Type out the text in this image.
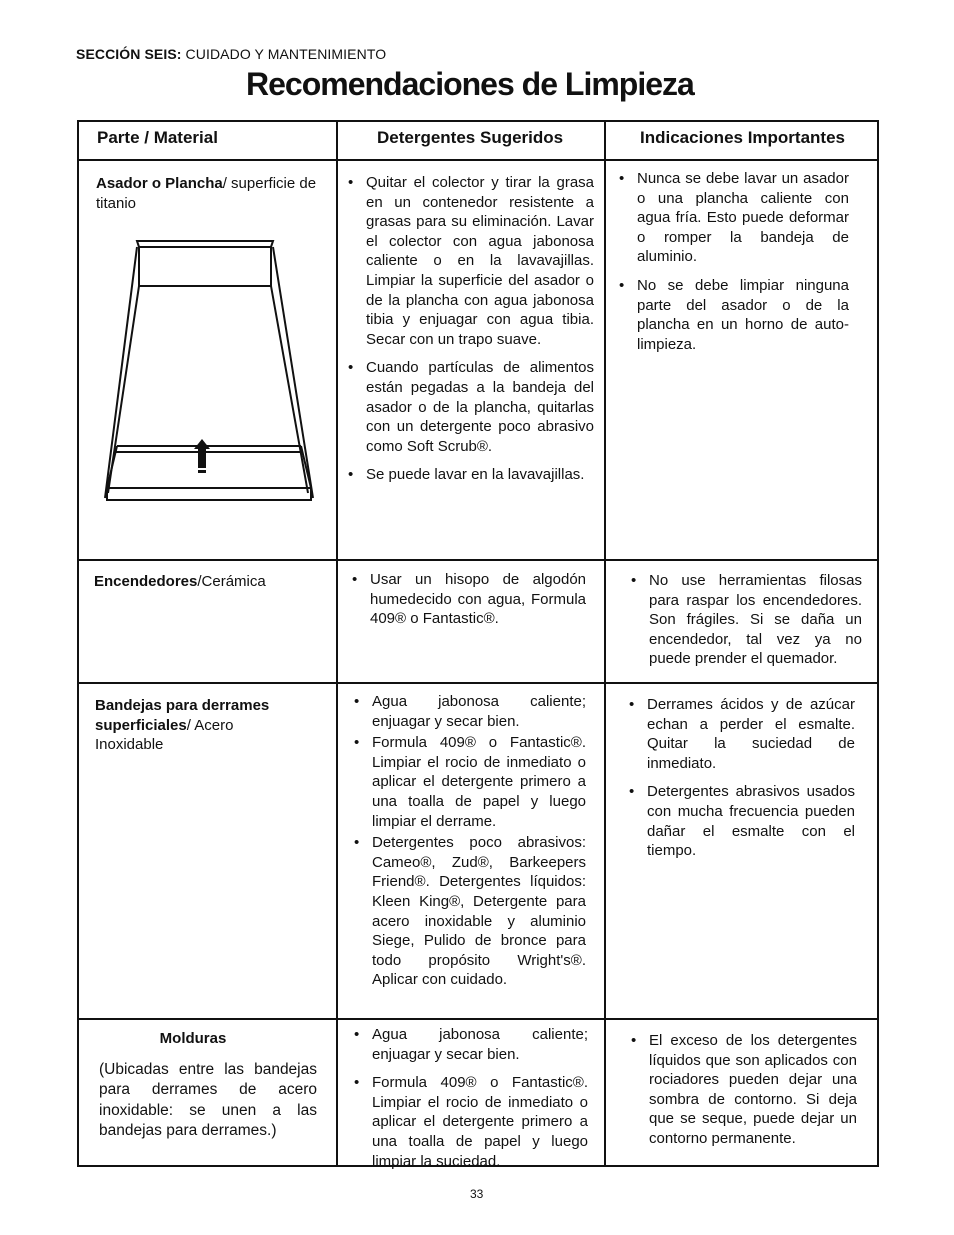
SECCIÓN SEIS: CUIDADO Y MANTENIMIENTO
Recomendaciones de Limpieza
Parte / Material	Detergentes Sugeridos	Indicaciones Importantes
Asador o Plancha/ superficie de titanio
• Quitar el colector y tirar la grasa en un contenedor resistente a grasas para su eliminación. Lavar el colector con agua jabonosa caliente o en la lavavajillas. Limpiar la superficie del asador o de la plancha con agua jabonosa tibia y enjuagar con agua tibia. Secar con un trapo suave.
• Cuando partículas de alimentos están pegadas a la bandeja del asador o de la plancha, quitarlas con un detergente poco abrasivo como Soft Scrub®.
• Se puede lavar en la lavavajillas.
• Nunca se debe lavar un asador o una plancha caliente con agua fría. Esto puede deformar o romper la bandeja de aluminio.
• No se debe limpiar ninguna parte del asador o de la plancha en un horno de auto-limpieza.
Encendedores/Cerámica
•	Usar un hisopo de algodón humedecido con agua, Formula 409® o Fantastic®.
• No use herramientas filosas para raspar los encendedores. Son frágiles. Si se daña un encendedor, tal vez ya no puede prender el quemador.
Bandejas para derrames superficiales/ Acero Inoxidable
• Agua jabonosa caliente; enjuagar y secar bien.
• Formula 409® o Fantastic®. Limpiar el rocio de inmediato o aplicar el detergente primero a una toalla de papel y luego limpiar el derrame.
• Detergentes poco abrasivos: Cameo®, Zud®, Barkeepers Friend®. Detergentes líquidos: Kleen King®, Detergente para acero inoxidable y aluminio Siege, Pulido de bronce para todo propósito Wright's®. Aplicar con cuidado.
• Derrames ácidos y de azúcar echan a perder el esmalte. Quitar la suciedad de inmediato.
• Detergentes abrasivos usados con mucha frecuencia pueden dañar el esmalte con el tiempo.
Molduras
(Ubicadas entre las bandejas para derrames de acero inoxidable: se unen a las bandejas para derrames.)
• Agua jabonosa caliente; enjuagar y secar bien.
• Formula 409® o Fantastic®. Limpiar el rocio de inmediato o aplicar el detergente primero a una toalla de papel y luego limpiar la suciedad.
• El exceso de los detergentes líquidos que son aplicados con rociadores pueden dejar una sombra de contorno. Si deja que se seque, puede dejar un contorno permanente.
33
